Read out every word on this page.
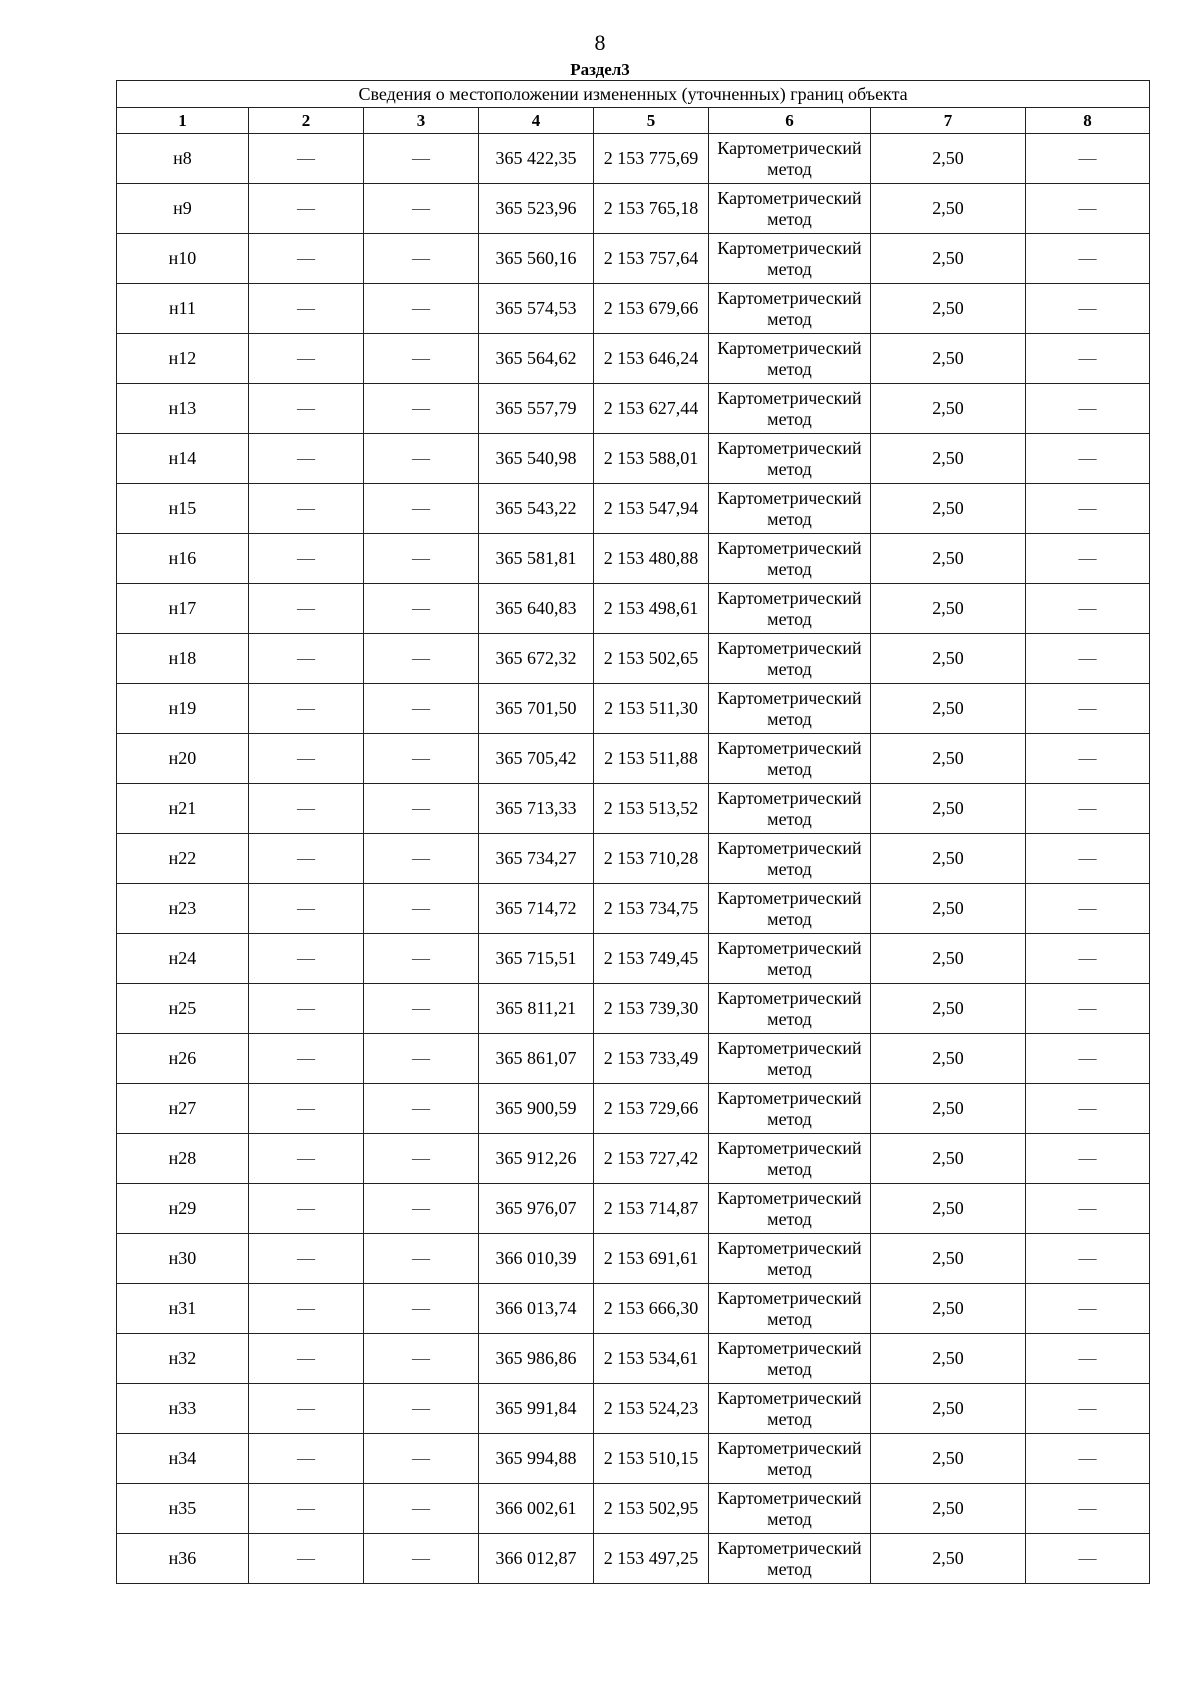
8
Раздел3
Сведения о местоположении измененных (уточненных) границ объекта							
1	2	3	4	5	6	7	8
н8	—	—	365 422,35	2 153 775,69	Картометрический метод	2,50	—
н9	—	—	365 523,96	2 153 765,18	Картометрический метод	2,50	—
н10	—	—	365 560,16	2 153 757,64	Картометрический метод	2,50	—
н11	—	—	365 574,53	2 153 679,66	Картометрический метод	2,50	—
н12	—	—	365 564,62	2 153 646,24	Картометрический метод	2,50	—
н13	—	—	365 557,79	2 153 627,44	Картометрический метод	2,50	—
н14	—	—	365 540,98	2 153 588,01	Картометрический метод	2,50	—
н15	—	—	365 543,22	2 153 547,94	Картометрический метод	2,50	—
н16	—	—	365 581,81	2 153 480,88	Картометрический метод	2,50	—
н17	—	—	365 640,83	2 153 498,61	Картометрический метод	2,50	—
н18	—	—	365 672,32	2 153 502,65	Картометрический метод	2,50	—
н19	—	—	365 701,50	2 153 511,30	Картометрический метод	2,50	—
н20	—	—	365 705,42	2 153 511,88	Картометрический метод	2,50	—
н21	—	—	365 713,33	2 153 513,52	Картометрический метод	2,50	—
н22	—	—	365 734,27	2 153 710,28	Картометрический метод	2,50	—
н23	—	—	365 714,72	2 153 734,75	Картометрический метод	2,50	—
н24	—	—	365 715,51	2 153 749,45	Картометрический метод	2,50	—
н25	—	—	365 811,21	2 153 739,30	Картометрический метод	2,50	—
н26	—	—	365 861,07	2 153 733,49	Картометрический метод	2,50	—
н27	—	—	365 900,59	2 153 729,66	Картометрический метод	2,50	—
н28	—	—	365 912,26	2 153 727,42	Картометрический метод	2,50	—
н29	—	—	365 976,07	2 153 714,87	Картометрический метод	2,50	—
н30	—	—	366 010,39	2 153 691,61	Картометрический метод	2,50	—
н31	—	—	366 013,74	2 153 666,30	Картометрический метод	2,50	—
н32	—	—	365 986,86	2 153 534,61	Картометрический метод	2,50	—
н33	—	—	365 991,84	2 153 524,23	Картометрический метод	2,50	—
н34	—	—	365 994,88	2 153 510,15	Картометрический метод	2,50	—
н35	—	—	366 002,61	2 153 502,95	Картометрический метод	2,50	—
н36	—	—	366 012,87	2 153 497,25	Картометрический метод	2,50	—
